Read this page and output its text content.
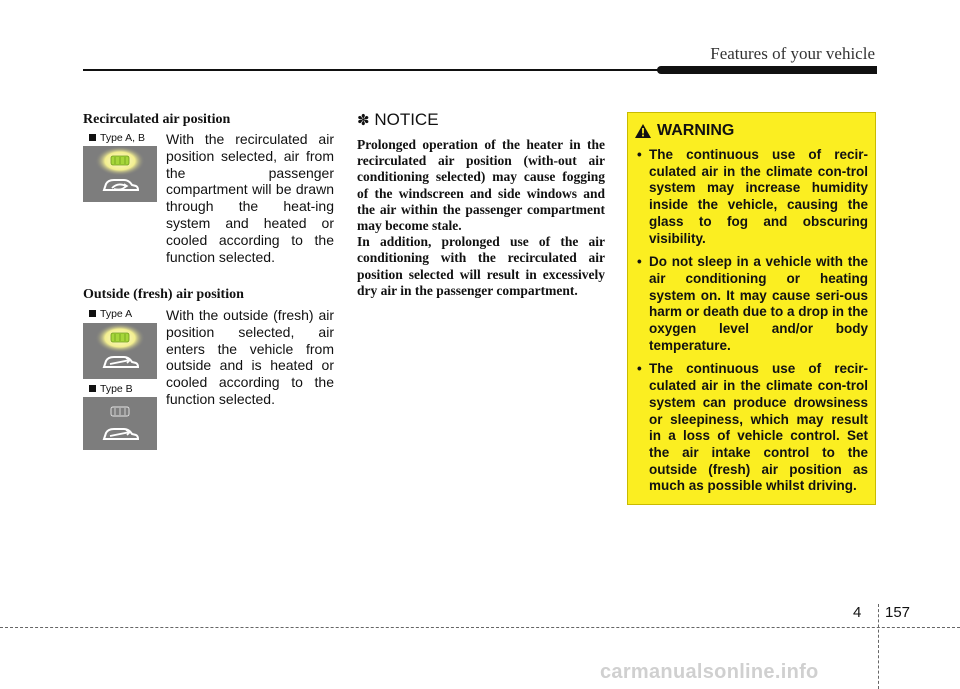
Features of your vehicle
Recirculated air position
Type A, B With the recirculated air position selected, air from the passenger compartment will be drawn through the heat-ing system and heated or cooled according to the function selected.
Outside (fresh) air position
Type A
Type B
With the outside (fresh) air position selected, air enters the vehicle from outside and is heated or cooled according to the function selected.
✽ NOTICE

Prolonged operation of the heater in the recirculated air position (with-out air conditioning selected) may cause fogging of the windscreen and side windows and the air within the passenger compartment may become stale.

In addition, prolonged use of the air conditioning with the recirculated air position selected will result in excessively dry air in the passenger compartment.

WARNING
• The continuous use of recir-culated air in the climate con-trol system may increase humidity inside the vehicle, causing the glass to fog and obscuring visibility.
• Do not sleep in a vehicle with the air conditioning or heating system on. It may cause seri-ous harm or death due to a drop in the oxygen level and/or body temperature.
• The continuous use of recir-culated air in the climate con-trol system can produce drowsiness or sleepiness, which may result in a loss of vehicle control. Set the air intake control to the outside (fresh) air position as much as possible whilst driving.
4 157
carmanualsonline.info
